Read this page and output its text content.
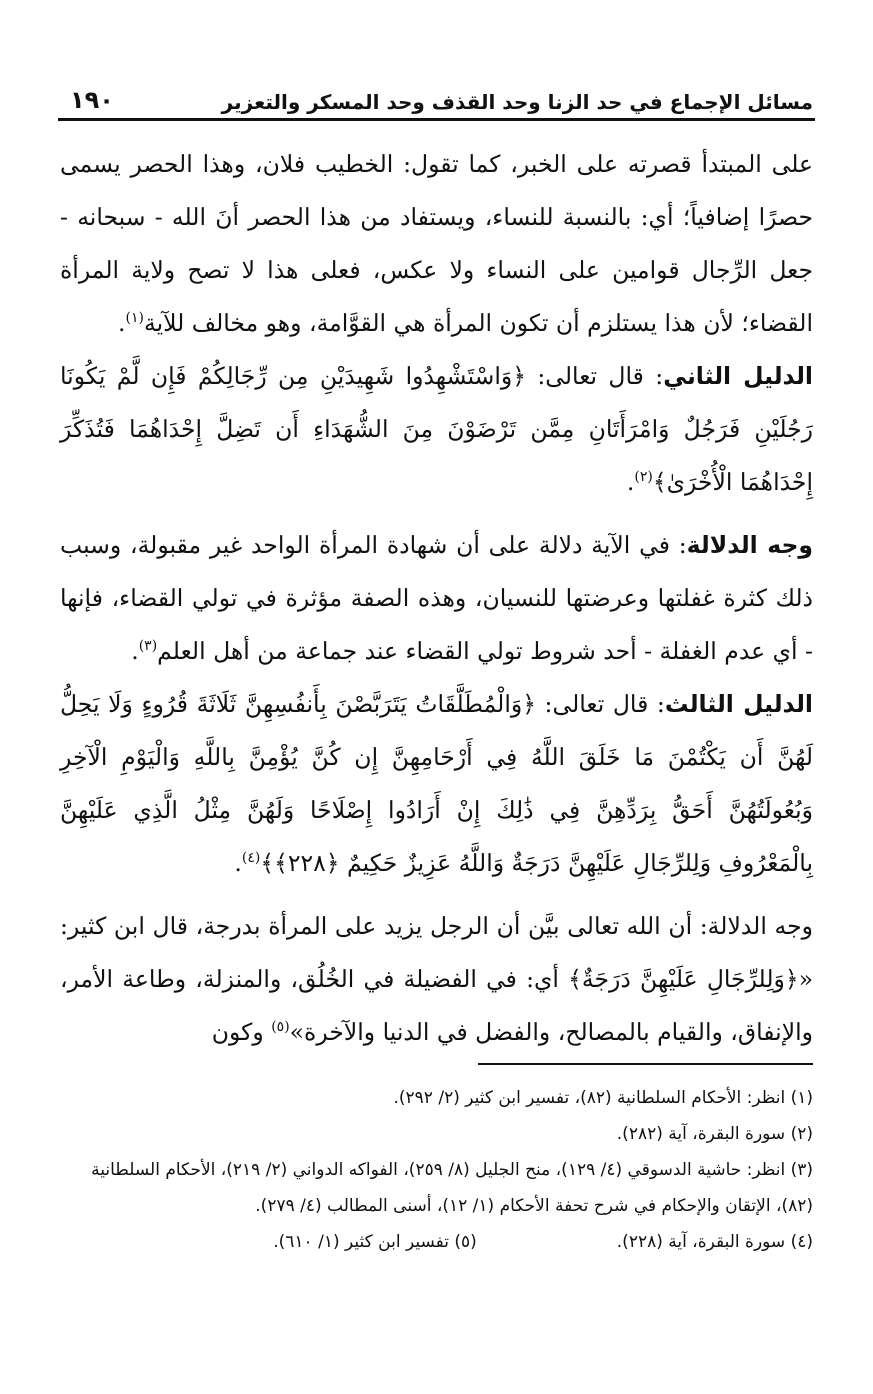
مسائل الإجماع في حد الزنا وحد القذف وحد المسكر والتعزير
١٩٠

على المبتدأ قصرته على الخبر، كما تقول: الخطيب فلان، وهذا الحصر يسمى حصرًا إضافياً؛ أي: بالنسبة للنساء، ويستفاد من هذا الحصر أنَ الله - سبحانه - جعل الرِّجال قوامين على النساء ولا عكس، فعلى هذا لا تصح ولاية المرأة القضاء؛ لأن هذا يستلزم أن تكون المرأة هي القوَّامة، وهو مخالف للآية$^{(١)}$.

الدليل الثاني: قال تعالى: ﴿وَاسْتَشْهِدُوا شَهِيدَيْنِ مِن رِّجَالِكُمْ فَإِن لَّمْ يَكُونَا رَجُلَيْنِ فَرَجُلٌ وَامْرَأَتَانِ مِمَّن تَرْضَوْنَ مِنَ الشُّهَدَاءِ أَن تَضِلَّ إِحْدَاهُمَا فَتُذَكِّرَ إِحْدَاهُمَا الْأُخْرَىٰ﴾$^{(٢)}$.

وجه الدلالة: في الآية دلالة على أن شهادة المرأة الواحد غير مقبولة، وسبب ذلك كثرة غفلتها وعرضتها للنسيان، وهذه الصفة مؤثرة في تولي القضاء، فإنها - أي عدم الغفلة - أحد شروط تولي القضاء عند جماعة من أهل العلم$^{(٣)}$.

الدليل الثالث: قال تعالى: ﴿وَالْمُطَلَّقَاتُ يَتَرَبَّصْنَ بِأَنفُسِهِنَّ ثَلَاثَةَ قُرُوءٍ وَلَا يَحِلُّ لَهُنَّ أَن يَكْتُمْنَ مَا خَلَقَ اللَّهُ فِي أَرْحَامِهِنَّ إِن كُنَّ يُؤْمِنَّ بِاللَّهِ وَالْيَوْمِ الْآخِرِ وَبُعُولَتُهُنَّ أَحَقُّ بِرَدِّهِنَّ فِي ذَٰلِكَ إِنْ أَرَادُوا إِصْلَاحًا وَلَهُنَّ مِثْلُ الَّذِي عَلَيْهِنَّ بِالْمَعْرُوفِ وَلِلرِّجَالِ عَلَيْهِنَّ دَرَجَةٌ وَاللَّهُ عَزِيزٌ حَكِيمٌ ﴿٢٢٨﴾﴾$^{(٤)}$.

وجه الدلالة: أن الله تعالى بيَّن أن الرجل يزيد على المرأة بدرجة، قال ابن كثير: «﴿وَلِلرِّجَالِ عَلَيْهِنَّ دَرَجَةٌ﴾ أي: في الفضيلة في الخُلُق، والمنزلة، وطاعة الأمر، والإنفاق، والقيام بالمصالح، والفضل في الدنيا والآخرة»$^{(٥)}$ وكون

(١) انظر: الأحكام السلطانية (٨٢)، تفسير ابن كثير (٢/ ٢٩٢).

(٢) سورة البقرة، آية (٢٨٢).

(٣) انظر: حاشية الدسوقي (٤/ ١٢٩)، منح الجليل (٨/ ٢٥٩)، الفواكه الدواني (٢/ ٢١٩)، الأحكام السلطانية (٨٢)، الإتقان والإحكام في شرح تحفة الأحكام (١/ ١٢)، أسنى المطالب (٤/ ٢٧٩).

(٤) سورة البقرة، آية (٢٢٨).
(٥) تفسير ابن كثير (١/ ٦١٠).
